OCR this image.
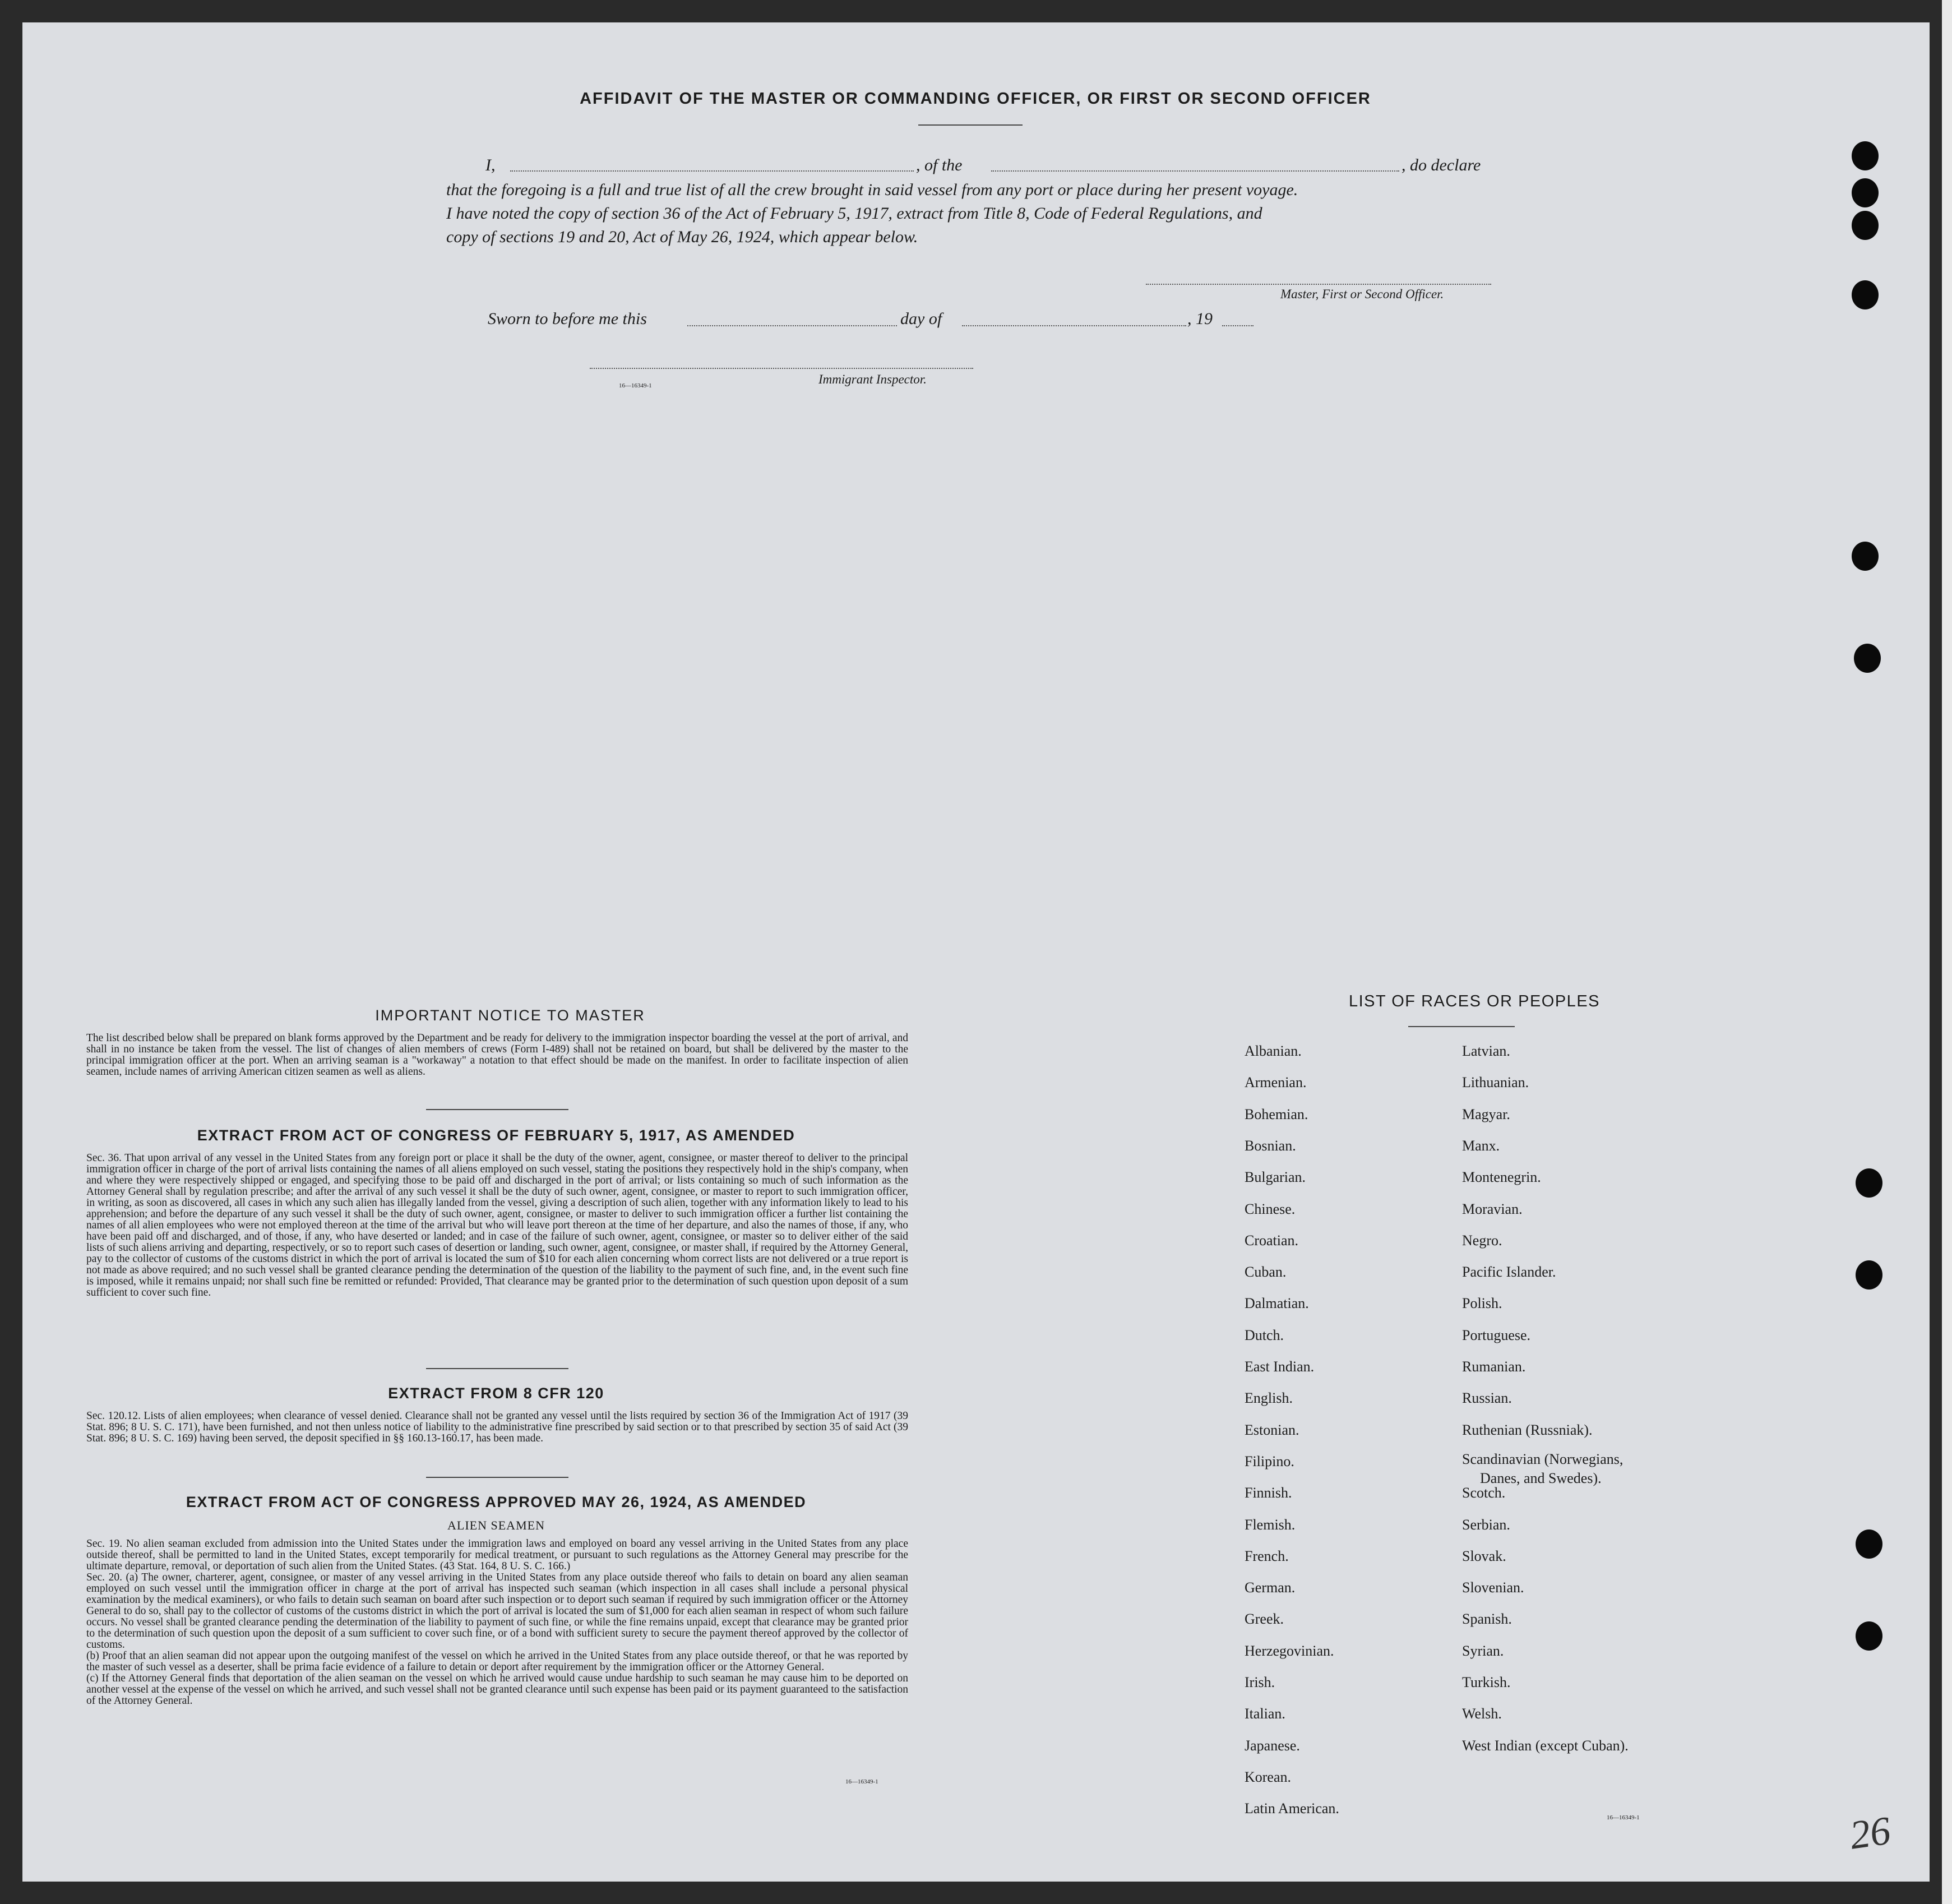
AFFIDAVIT OF THE MASTER OR COMMANDING OFFICER, OR FIRST OR SECOND OFFICER
I,	, of the	, do declare
that the foregoing is a full and true list of all the crew brought in said vessel from any port or place during her present voyage.
I have noted the copy of section 36 of the Act of February 5, 1917, extract from Title 8, Code of Federal Regulations, and
copy of sections 19 and 20, Act of May 26, 1924, which appear below.
Master, First or Second Officer.
Sworn to before me this	day of	, 19
16—16349-1	Immigrant Inspector.
IMPORTANT NOTICE TO MASTER
The list described below shall be prepared on blank forms approved by the Department and be ready for delivery to the immigration inspector boarding the vessel at the port of arrival, and shall in no instance be taken from the vessel. The list of changes of alien members of crews (Form I-489) shall not be retained on board, but shall be delivered by the master to the principal immigration officer at the port. When an arriving seaman is a "workaway" a notation to that effect should be made on the manifest. In order to facilitate inspection of alien seamen, include names of arriving American citizen seamen as well as aliens.
EXTRACT FROM ACT OF CONGRESS OF FEBRUARY 5, 1917, AS AMENDED
Sec. 36. That upon arrival of any vessel in the United States from any foreign port or place it shall be the duty of the owner, agent, consignee, or master thereof to deliver to the principal immigration officer in charge of the port of arrival lists containing the names of all aliens employed on such vessel, stating the positions they respectively hold in the ship's company, when and where they were respectively shipped or engaged, and specifying those to be paid off and discharged in the port of arrival; or lists containing so much of such information as the Attorney General shall by regulation prescribe; and after the arrival of any such vessel it shall be the duty of such owner, agent, consignee, or master to report to such immigration officer, in writing, as soon as discovered, all cases in which any such alien has illegally landed from the vessel, giving a description of such alien, together with any information likely to lead to his apprehension; and before the departure of any such vessel it shall be the duty of such owner, agent, consignee, or master to deliver to such immigration officer a further list containing the names of all alien employees who were not employed thereon at the time of the arrival but who will leave port thereon at the time of her departure, and also the names of those, if any, who have been paid off and discharged, and of those, if any, who have deserted or landed; and in case of the failure of such owner, agent, consignee, or master so to deliver either of the said lists of such aliens arriving and departing, respectively, or so to report such cases of desertion or landing, such owner, agent, consignee, or master shall, if required by the Attorney General, pay to the collector of customs of the customs district in which the port of arrival is located the sum of $10 for each alien concerning whom correct lists are not delivered or a true report is not made as above required; and no such vessel shall be granted clearance pending the determination of the question of the liability to the payment of such fine, and, in the event such fine is imposed, while it remains unpaid; nor shall such fine be remitted or refunded: Provided, That clearance may be granted prior to the determination of such question upon deposit of a sum sufficient to cover such fine.
EXTRACT FROM 8 CFR 120
Sec. 120.12. Lists of alien employees; when clearance of vessel denied. Clearance shall not be granted any vessel until the lists required by section 36 of the Immigration Act of 1917 (39 Stat. 896; 8 U. S. C. 171), have been furnished, and not then unless notice of liability to the administrative fine prescribed by said section or to that prescribed by section 35 of said Act (39 Stat. 896; 8 U. S. C. 169) having been served, the deposit specified in §§ 160.13-160.17, has been made.
EXTRACT FROM ACT OF CONGRESS APPROVED MAY 26, 1924, AS AMENDED
ALIEN SEAMEN
Sec. 19. No alien seaman excluded from admission into the United States under the immigration laws and employed on board any vessel arriving in the United States from any place outside thereof, shall be permitted to land in the United States, except temporarily for medical treatment, or pursuant to such regulations as the Attorney General may prescribe for the ultimate departure, removal, or deportation of such alien from the United States. (43 Stat. 164, 8 U. S. C. 166.)
Sec. 20. (a) The owner, charterer, agent, consignee, or master of any vessel arriving in the United States from any place outside thereof who fails to detain on board any alien seaman employed on such vessel until the immigration officer in charge at the port of arrival has inspected such seaman (which inspection in all cases shall include a personal physical examination by the medical examiners), or who fails to detain such seaman on board after such inspection or to deport such seaman if required by such immigration officer or the Attorney General to do so, shall pay to the collector of customs of the customs district in which the port of arrival is located the sum of $1,000 for each alien seaman in respect of whom such failure occurs. No vessel shall be granted clearance pending the determination of the liability to payment of such fine, or while the fine remains unpaid, except that clearance may be granted prior to the determination of such question upon the deposit of a sum sufficient to cover such fine, or of a bond with sufficient surety to secure the payment thereof approved by the collector of customs.
(b) Proof that an alien seaman did not appear upon the outgoing manifest of the vessel on which he arrived in the United States from any place outside thereof, or that he was reported by the master of such vessel as a deserter, shall be prima facie evidence of a failure to detain or deport after requirement by the immigration officer or the Attorney General.
(c) If the Attorney General finds that deportation of the alien seaman on the vessel on which he arrived would cause undue hardship to such seaman he may cause him to be deported on another vessel at the expense of the vessel on which he arrived, and such vessel shall not be granted clearance until such expense has been paid or its payment guaranteed to the satisfaction of the Attorney General.
16—16349-1
LIST OF RACES OR PEOPLES
Albanian.
Armenian.
Bohemian.
Bosnian.
Bulgarian.
Chinese.
Croatian.
Cuban.
Dalmatian.
Dutch.
East Indian.
English.
Estonian.
Filipino.
Finnish.
Flemish.
French.
German.
Greek.
Herzegovinian.
Irish.
Italian.
Japanese.
Korean.
Latin American.
Latvian.
Lithuanian.
Magyar.
Manx.
Montenegrin.
Moravian.
Negro.
Pacific Islander.
Polish.
Portuguese.
Rumanian.
Russian.
Ruthenian (Russniak).
Scandinavian (Norwegians,
Danes, and Swedes).
Scotch.
Serbian.
Slovak.
Slovenian.
Spanish.
Syrian.
Turkish.
Welsh.
West Indian (except Cuban).
16—16349-1	26
